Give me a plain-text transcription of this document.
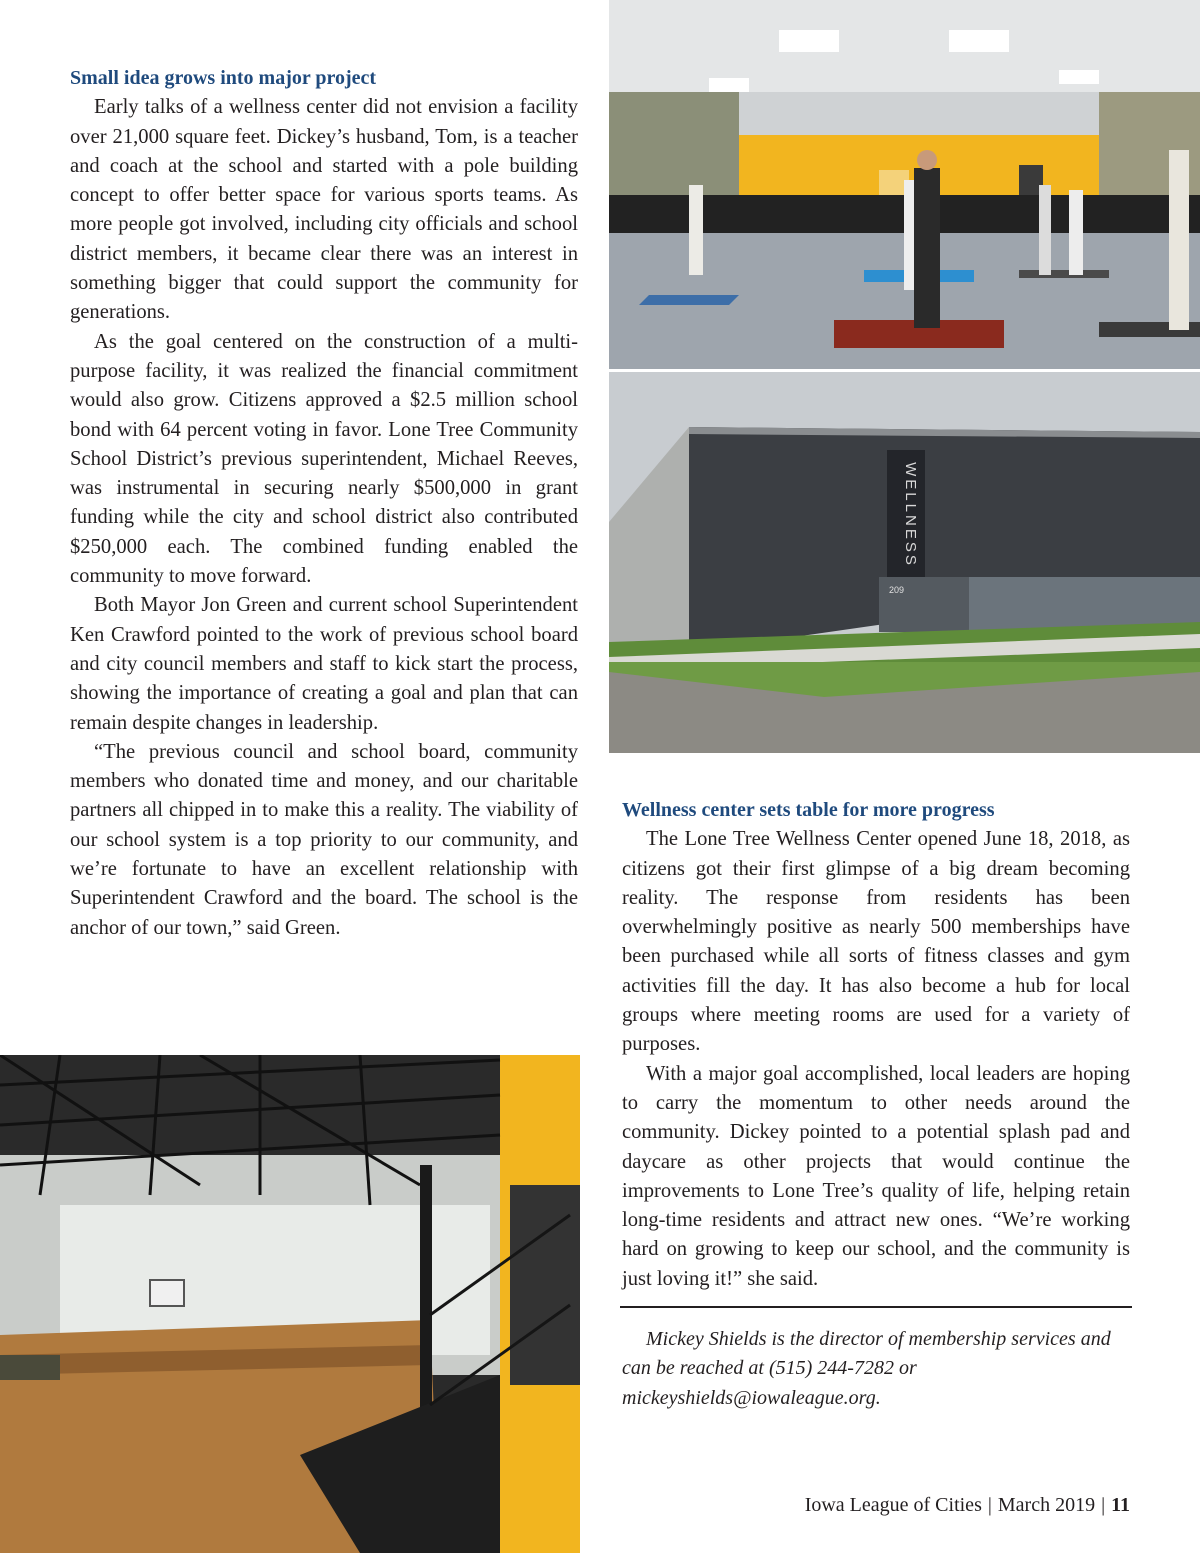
WELLNESS
209
Small idea grows into major project

Early talks of a wellness center did not envision a facility over 21,000 square feet. Dickey’s husband, Tom, is a teacher and coach at the school and started with a pole building concept to offer better space for various sports teams. As more people got involved, including city officials and school district members, it became clear there was an interest in something bigger that could support the community for generations.

As the goal centered on the construction of a multi-purpose facility, it was realized the financial commitment would also grow. Citizens approved a $2.5 million school bond with 64 percent voting in favor. Lone Tree Community School District’s previous superintendent, Michael Reeves, was instrumental in securing nearly $500,000 in grant funding while the city and school district also contributed $250,000 each. The combined funding enabled the community to move forward.

Both Mayor Jon Green and current school Superintendent Ken Crawford pointed to the work of previous school board and city council members and staff to kick start the process, showing the importance of creating a goal and plan that can remain despite changes in leadership.

“The previous council and school board, community members who donated time and money, and our charitable partners all chipped in to make this a reality. The viability of our school system is a top priority to our community, and we’re fortunate to have an excellent relationship with Superintendent Crawford and the board. The school is the anchor of our town,” said Green.

Wellness center sets table for more progress

The Lone Tree Wellness Center opened June 18, 2018, as citizens got their first glimpse of a big dream becoming reality. The response from residents has been overwhelmingly positive as nearly 500 memberships have been purchased while all sorts of fitness classes and gym activities fill the day. It has also become a hub for local groups where meeting rooms are used for a variety of purposes.

With a major goal accomplished, local leaders are hoping to carry the momentum to other needs around the community. Dickey pointed to a potential splash pad and daycare as other projects that would continue the improvements to Lone Tree’s quality of life, helping retain long-time residents and attract new ones. “We’re working hard on growing to keep our school, and the community is just loving it!” she said.

Mickey Shields is the director of membership services and can be reached at (515) 244-7282 or mickeyshields@iowaleague.org.

Iowa League of Cities | March 2019 | 11
